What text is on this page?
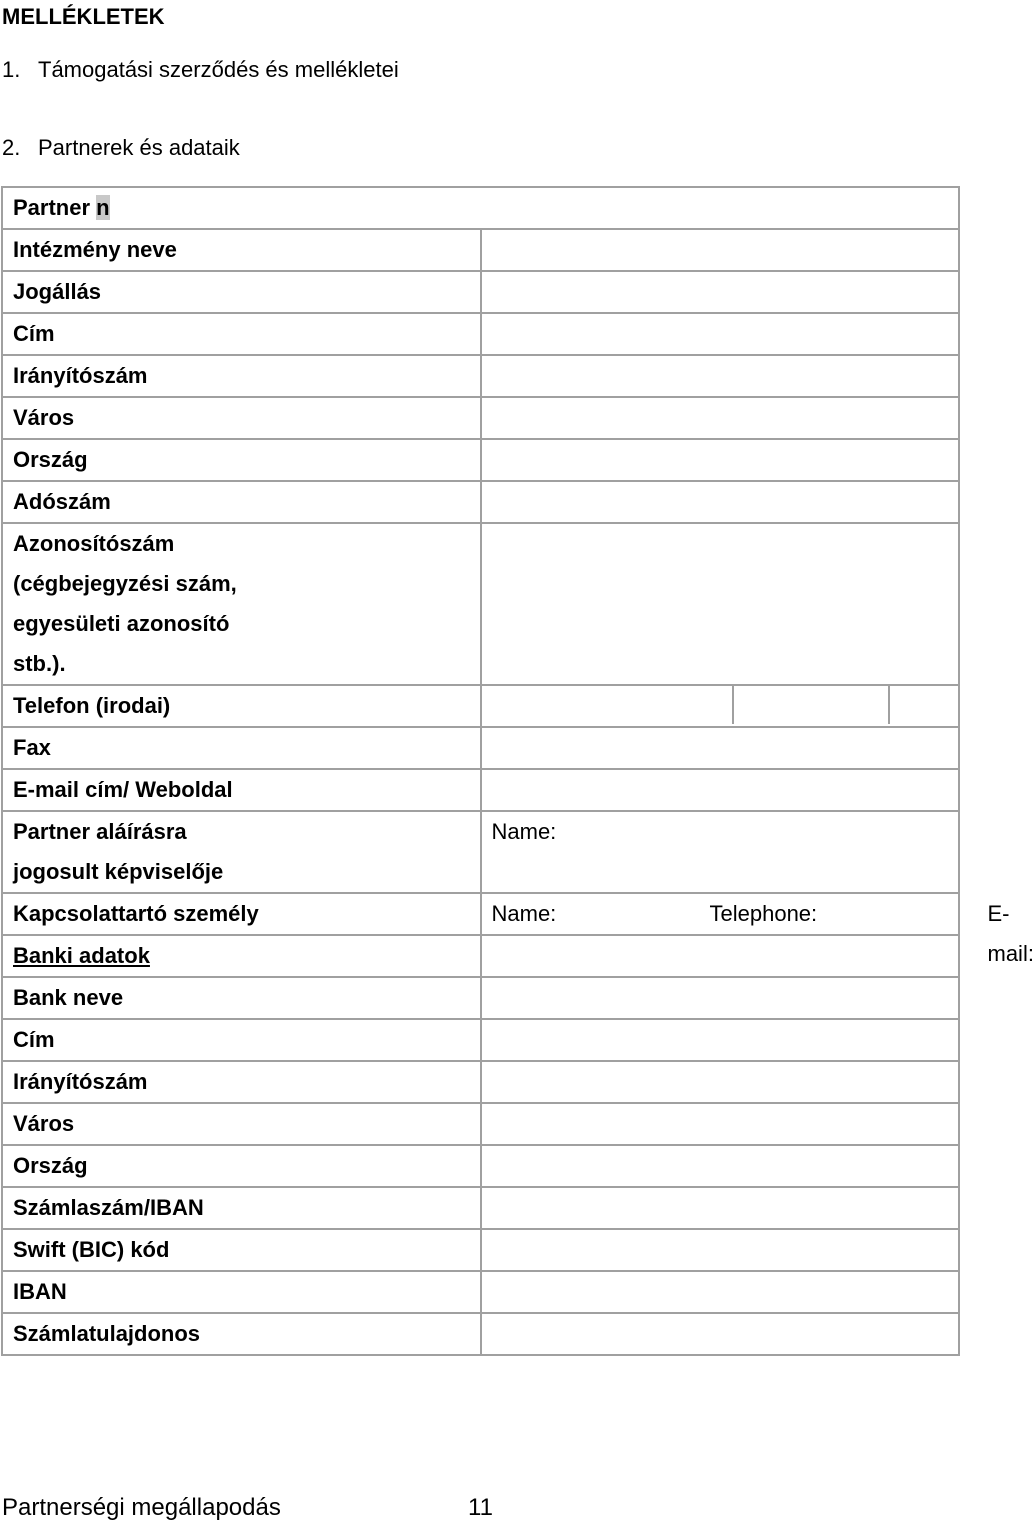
MELLÉKLETEK
1. Támogatási szerződés és mellékletei
2. Partnerek és adataik
Partner n	
Intézmény neve	
Jogállás	
Cím	
Irányítószám	
Város	
Ország	
Adószám	

Azonosítószám
(cégbejegyzési szám,
egyesületi azonosító
stb.).	

Telefon (irodai)	

Fax	
E-mail cím/ Weboldal	

Partner aláírásra
jogosult képviselője	Name:
Kapcsolattartó személy	Name: Telephone: E-mail:

Banki adatok	
Bank neve	
Cím	
Irányítószám	
Város	
Ország	
Számlaszám/IBAN	
Swift (BIC) kód	
IBAN	
Számlatulajdonos	
Partnerségi megállapodás	11
